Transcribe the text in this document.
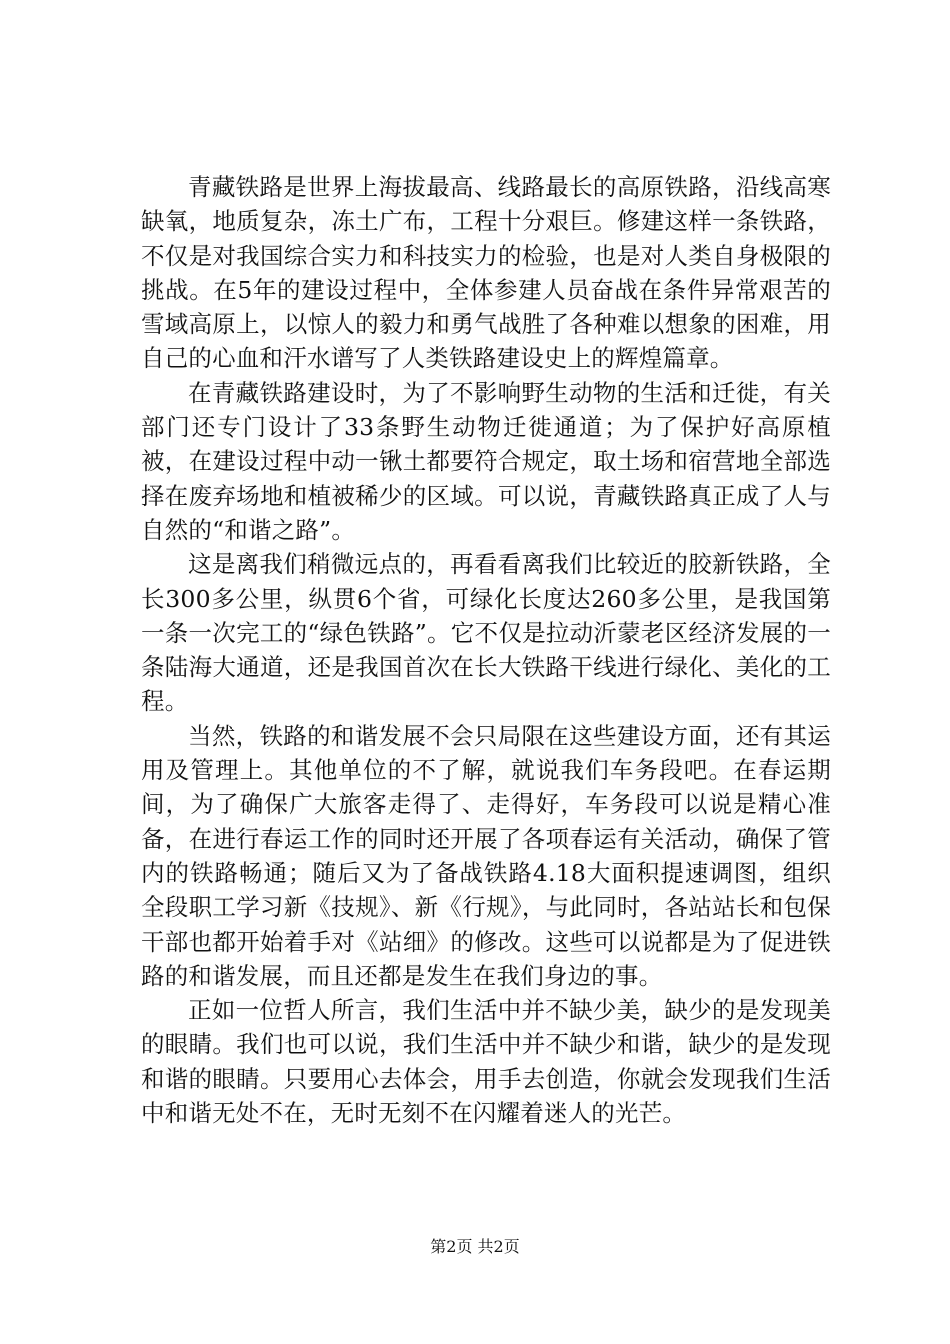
青藏铁路是世界上海拔最高、线路最长的高原铁路，沿线高寒缺氧，地质复杂，冻土广布，工程十分艰巨。修建这样一条铁路，不仅是对我国综合实力和科技实力的检验，也是对人类自身极限的挑战。在5年的建设过程中，全体参建人员奋战在条件异常艰苦的雪域高原上，以惊人的毅力和勇气战胜了各种难以想象的困难，用自己的心血和汗水谱写了人类铁路建设史上的辉煌篇章。

在青藏铁路建设时，为了不影响野生动物的生活和迁徙，有关部门还专门设计了33条野生动物迁徙通道；为了保护好高原植被，在建设过程中动一锹土都要符合规定，取土场和宿营地全部选择在废弃场地和植被稀少的区域。可以说，青藏铁路真正成了人与自然的“和谐之路”。

这是离我们稍微远点的，再看看离我们比较近的胶新铁路，全长300多公里，纵贯6个省，可绿化长度达260多公里，是我国第一条一次完工的“绿色铁路”。它不仅是拉动沂蒙老区经济发展的一条陆海大通道，还是我国首次在长大铁路干线进行绿化、美化的工程。

当然，铁路的和谐发展不会只局限在这些建设方面，还有其运用及管理上。其他单位的不了解，就说我们车务段吧。在春运期间，为了确保广大旅客走得了、走得好，车务段可以说是精心准备，在进行春运工作的同时还开展了各项春运有关活动，确保了管内的铁路畅通；随后又为了备战铁路4.18大面积提速调图，组织全段职工学习新《技规》、新《行规》，与此同时，各站站长和包保干部也都开始着手对《站细》的修改。这些可以说都是为了促进铁路的和谐发展，而且还都是发生在我们身边的事。

正如一位哲人所言，我们生活中并不缺少美，缺少的是发现美的眼睛。我们也可以说，我们生活中并不缺少和谐，缺少的是发现和谐的眼睛。只要用心去体会，用手去创造，你就会发现我们生活中和谐无处不在，无时无刻不在闪耀着迷人的光芒。

第2页 共2页
